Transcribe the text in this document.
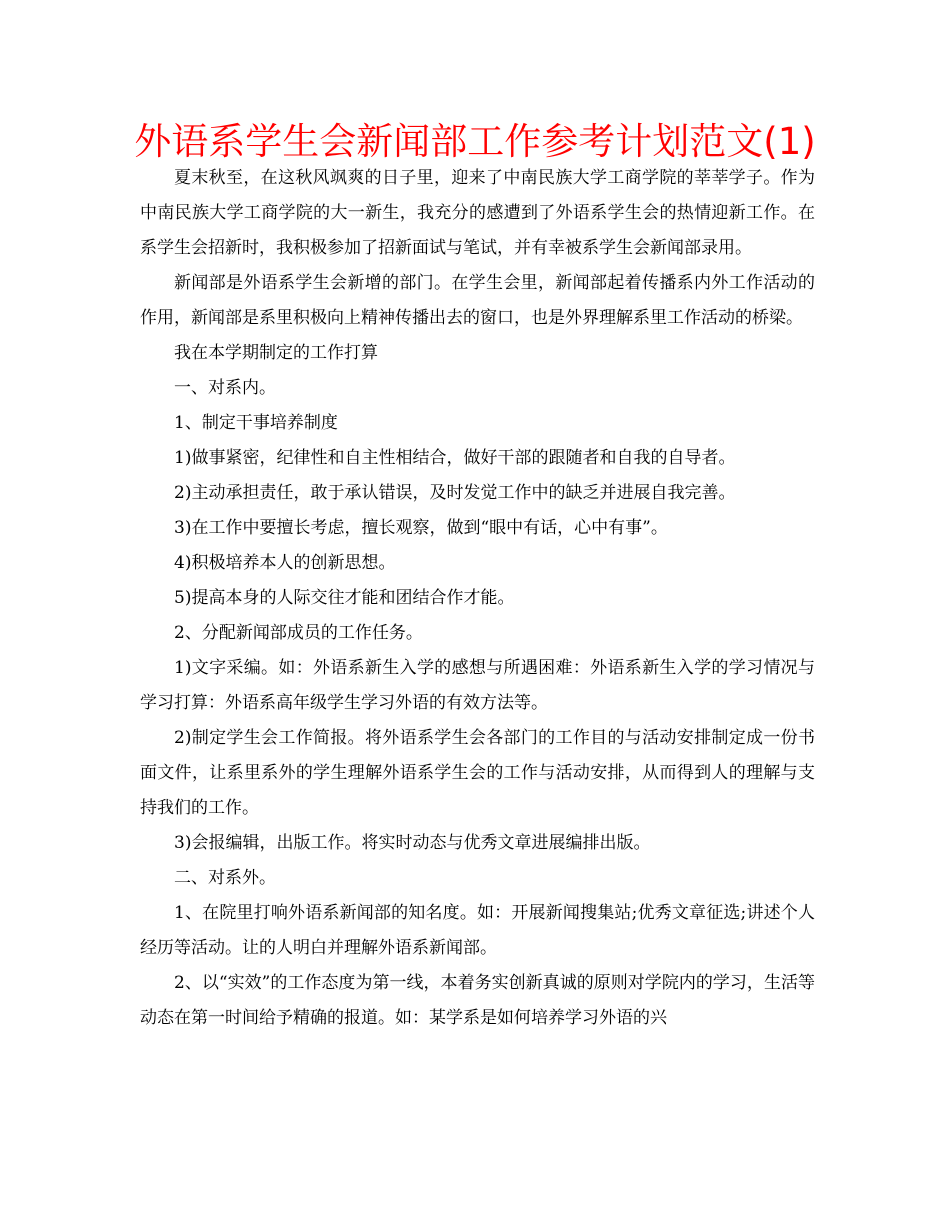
外语系学生会新闻部工作参考计划范文(1)

夏末秋至，在这秋风飒爽的日子里，迎来了中南民族大学工商学院的莘莘学子。作为中南民族大学工商学院的大一新生，我充分的感遭到了外语系学生会的热情迎新工作。在系学生会招新时，我积极参加了招新面试与笔试，并有幸被系学生会新闻部录用。

新闻部是外语系学生会新增的部门。在学生会里，新闻部起着传播系内外工作活动的作用，新闻部是系里积极向上精神传播出去的窗口，也是外界理解系里工作活动的桥梁。

我在本学期制定的工作打算

一、对系内。

1、制定干事培养制度

1)做事紧密，纪律性和自主性相结合，做好干部的跟随者和自我的自导者。

2)主动承担责任，敢于承认错误，及时发觉工作中的缺乏并进展自我完善。

3)在工作中要擅长考虑，擅长观察，做到“眼中有话，心中有事”。

4)积极培养本人的创新思想。

5)提高本身的人际交往才能和团结合作才能。

2、分配新闻部成员的工作任务。

1)文字采编。如：外语系新生入学的感想与所遇困难：外语系新生入学的学习情况与学习打算：外语系高年级学生学习外语的有效方法等。

2)制定学生会工作简报。将外语系学生会各部门的工作目的与活动安排制定成一份书面文件，让系里系外的学生理解外语系学生会的工作与活动安排，从而得到人的理解与支持我们的工作。

3)会报编辑，出版工作。将实时动态与优秀文章进展编排出版。

二、对系外。

1、在院里打响外语系新闻部的知名度。如：开展新闻搜集站;优秀文章征选;讲述个人经历等活动。让的人明白并理解外语系新闻部。

2、以“实效”的工作态度为第一线，本着务实创新真诚的原则对学院内的学习，生活等动态在第一时间给予精确的报道。如：某学系是如何培养学习外语的兴
